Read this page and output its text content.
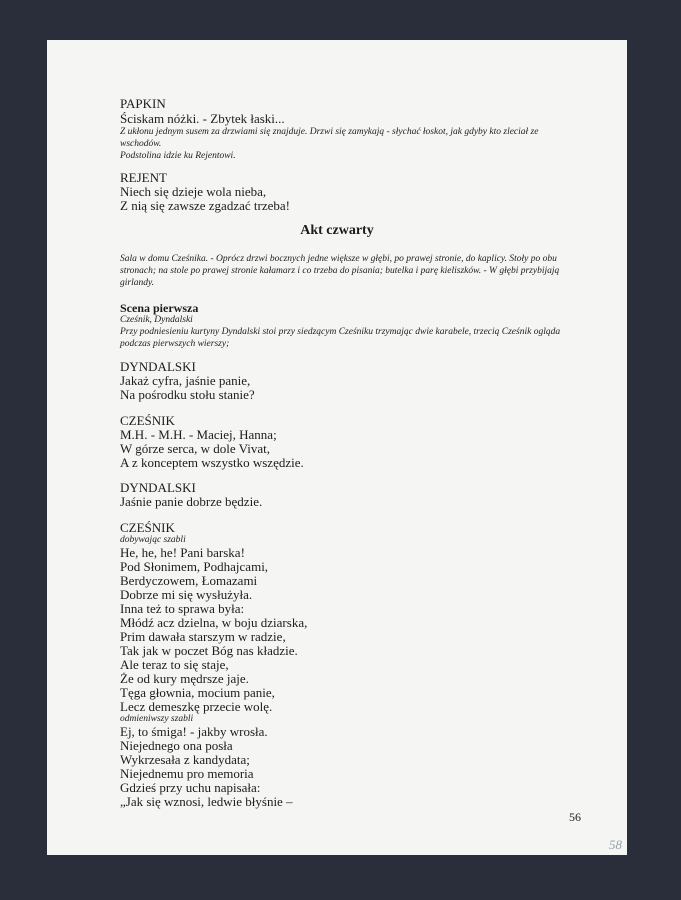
PAPKIN
Ściskam nóżki. - Zbytek łaski...
Z ukłonu jednym susem za drzwiami się znajduje. Drzwi się zamykają - słychać łoskot, jak gdyby kto zleciał ze
wschodów.
Podstolina idzie ku Rejentowi.
REJENT
Niech się dzieje wola nieba,
Z nią się zawsze zgadzać trzeba!
Akt czwarty
Sala w domu Cześnika. - Oprócz drzwi bocznych jedne większe w głębi, po prawej stronie, do kaplicy. Stoły po obu
stronach; na stole po prawej stronie kałamarz i co trzeba do pisania; butelka i parę kieliszków. - W głębi przybijają
girlandy.
Scena pierwsza
Cześnik, Dyndalski
Przy podniesieniu kurtyny Dyndalski stoi przy siedzącym Cześniku trzymając dwie karabele, trzecią Cześnik ogląda
podczas pierwszych wierszy;
DYNDALSKI
Jakaż cyfra, jaśnie panie,
Na pośrodku stołu stanie?
CZEŚNIK
M.H. - M.H. - Maciej, Hanna;
W górze serca, w dole Vivat,
A z konceptem wszystko wszędzie.
DYNDALSKI
Jaśnie panie dobrze będzie.
CZEŚNIK
dobywając szabli
He, he, he! Pani barska!
Pod Słonimem, Podhajcami,
Berdyczowem, Łomazami
Dobrze mi się wysłużyła.
Inna też to sprawa była:
Młódź acz dzielna, w boju dziarska,
Prim dawała starszym w radzie,
Tak jak w poczet Bóg nas kładzie.
Ale teraz to się staje,
Że od kury mędrsze jaje.
Tęga głownia, mocium panie,
Lecz demeszkę przecie wolę.
odmieniwszy szabli
Ej, to śmiga! - jakby wrosła.
Niejednego ona posła
Wykrzesała z kandydata;
Niejednemu pro memoria
Gdzieś przy uchu napisała:
„Jak się wznosi, ledwie błyśnie –
56
58
